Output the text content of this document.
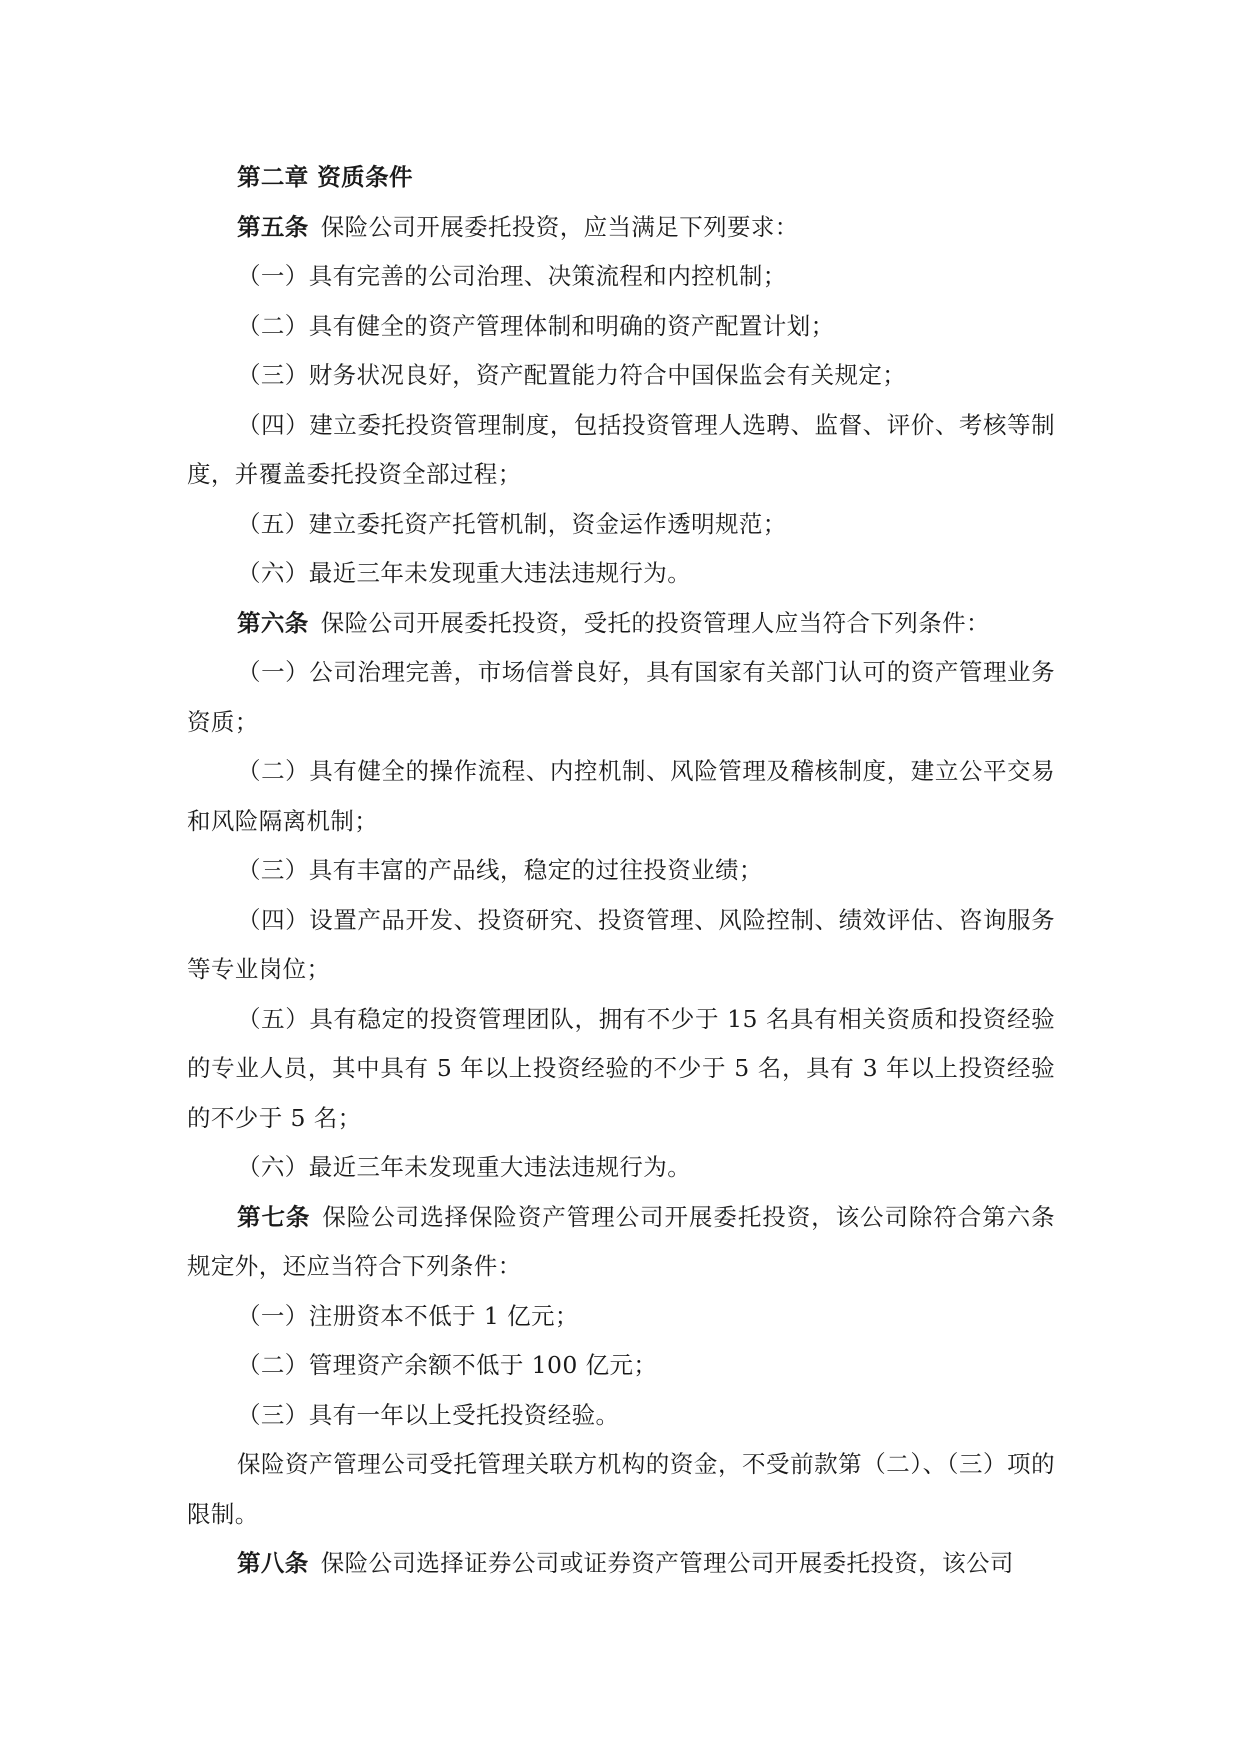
第二章 资质条件

第五条 保险公司开展委托投资，应当满足下列要求：

（一）具有完善的公司治理、决策流程和内控机制；

（二）具有健全的资产管理体制和明确的资产配置计划；

（三）财务状况良好，资产配置能力符合中国保监会有关规定；

（四）建立委托投资管理制度，包括投资管理人选聘、监督、评价、考核等制度，并覆盖委托投资全部过程；

（五）建立委托资产托管机制，资金运作透明规范；

（六）最近三年未发现重大违法违规行为。

第六条 保险公司开展委托投资，受托的投资管理人应当符合下列条件：

（一）公司治理完善，市场信誉良好，具有国家有关部门认可的资产管理业务资质；

（二）具有健全的操作流程、内控机制、风险管理及稽核制度，建立公平交易和风险隔离机制；

（三）具有丰富的产品线，稳定的过往投资业绩；

（四）设置产品开发、投资研究、投资管理、风险控制、绩效评估、咨询服务等专业岗位；

（五）具有稳定的投资管理团队，拥有不少于 15 名具有相关资质和投资经验的专业人员，其中具有 5 年以上投资经验的不少于 5 名，具有 3 年以上投资经验的不少于 5 名；

（六）最近三年未发现重大违法违规行为。

第七条 保险公司选择保险资产管理公司开展委托投资，该公司除符合第六条规定外，还应当符合下列条件：

（一）注册资本不低于 1 亿元；

（二）管理资产余额不低于 100 亿元；

（三）具有一年以上受托投资经验。

保险资产管理公司受托管理关联方机构的资金，不受前款第（二）、（三）项的限制。

第八条 保险公司选择证券公司或证券资产管理公司开展委托投资，该公司
